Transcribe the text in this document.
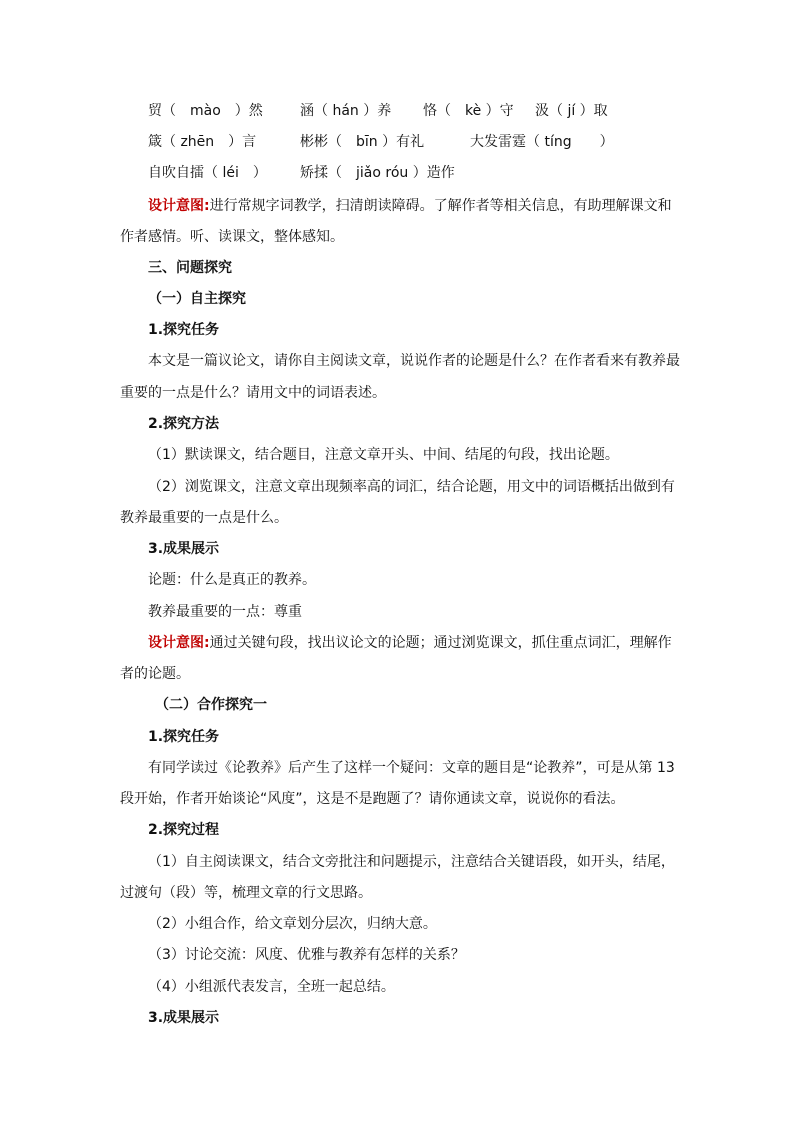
贸（　mào　）然	涵（ hán ）养 恪（　kè ）守 汲（ jí ）取
箴（ zhēn　）言	彬彬（　bīn ）有礼	大发雷霆（ tíng　　）
自吹自擂（ léi　） 矫揉（　jiǎo róu ）造作
设计意图:进行常规字词教学，扫清朗读障碍。了解作者等相关信息，有助理解课文和
作者感情。听、读课文，整体感知。
三、问题探究
（一）自主探究
1.探究任务
本文是一篇议论文，请你自主阅读文章，说说作者的论题是什么？在作者看来有教养最
重要的一点是什么？请用文中的词语表述。
2.探究方法
（1）默读课文，结合题目，注意文章开头、中间、结尾的句段，找出论题。
（2）浏览课文，注意文章出现频率高的词汇，结合论题，用文中的词语概括出做到有
教养最重要的一点是什么。
3.成果展示
论题：什么是真正的教养。
教养最重要的一点：尊重
设计意图:通过关键句段，找出议论文的论题；通过浏览课文，抓住重点词汇，理解作
者的论题。
（二）合作探究一
1.探究任务
有同学读过《论教养》后产生了这样一个疑问：文章的题目是“论教养”，可是从第 13
段开始，作者开始谈论“风度”，这是不是跑题了？请你通读文章，说说你的看法。
2.探究过程
（1）自主阅读课文，结合文旁批注和问题提示，注意结合关键语段，如开头，结尾，
过渡句（段）等，梳理文章的行文思路。
（2）小组合作，给文章划分层次，归纳大意。
（3）讨论交流：风度、优雅与教养有怎样的关系？
（4）小组派代表发言，全班一起总结。
3.成果展示
